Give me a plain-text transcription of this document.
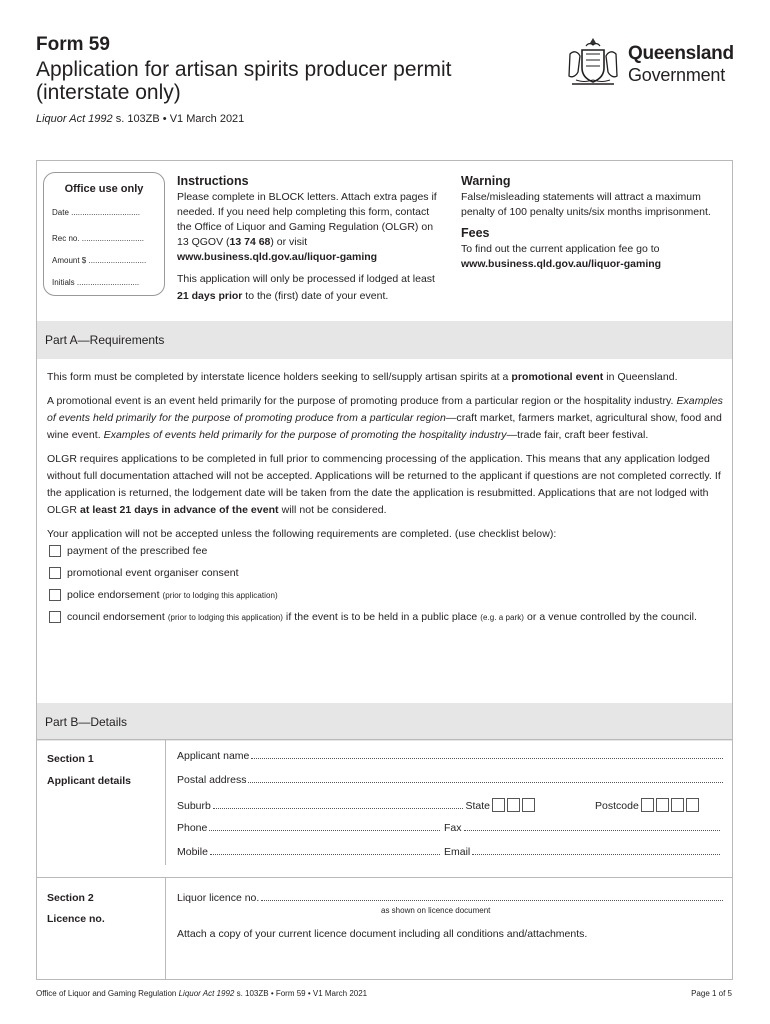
Form 59
Application for artisan spirits producer permit (interstate only)
Liquor Act 1992 s. 103ZB • V1 March 2021
Queensland
Government
Office use only
Date ...............................
Rec no. ............................
Amount $ ..........................
Initials ............................
Instructions

Please complete in BLOCK letters. Attach extra pages if needed. If you need help completing this form, contact the Office of Liquor and Gaming Regulation (OLGR) on 13 QGOV (13 74 68) or visit www.business.qld.gov.au/liquor-gaming

This application will only be processed if lodged at least 21 days prior to the (first) date of your event.

Warning

False/misleading statements will attract a maximum penalty of 100 penalty units/six months imprisonment.

Fees

To find out the current application fee go to

www.business.qld.gov.au/liquor-gaming
Part A—Requirements

This form must be completed by interstate licence holders seeking to sell/supply artisan spirits at a promotional event in Queensland.

A promotional event is an event held primarily for the purpose of promoting produce from a particular region or the hospitality industry. Examples of events held primarily for the purpose of promoting produce from a particular region—craft market, farmers market, agricultural show, food and wine event. Examples of events held primarily for the purpose of promoting the hospitality industry—trade fair, craft beer festival.

OLGR requires applications to be completed in full prior to commencing processing of the application. This means that any application lodged without full documentation attached will not be accepted. Applications will be returned to the applicant if questions are not completed correctly. If the application is returned, the lodgement date will be taken from the date the application is resubmitted. Applications that are not lodged with OLGR at least 21 days in advance of the event will not be considered.

Your application will not be accepted unless the following requirements are completed. (use checklist below):

payment of the prescribed fee
promotional event organiser consent
police endorsement (prior to lodging this application)
council endorsement (prior to lodging this application) if the event is to be held in a public place (e.g. a park) or a venue controlled by the council.
Part B—Details
Section 1
Applicant details
Applicant name
Postal address
Suburb	State	Postcode
Phone	Fax
Mobile	Email
Section 2
Licence no.
Liquor licence no.
as shown on licence document
Attach a copy of your current licence document including all conditions and/attachments.
Office of Liquor and Gaming Regulation Liquor Act 1992 s. 103ZB • Form 59 • V1 March 2021	Page 1 of 5
